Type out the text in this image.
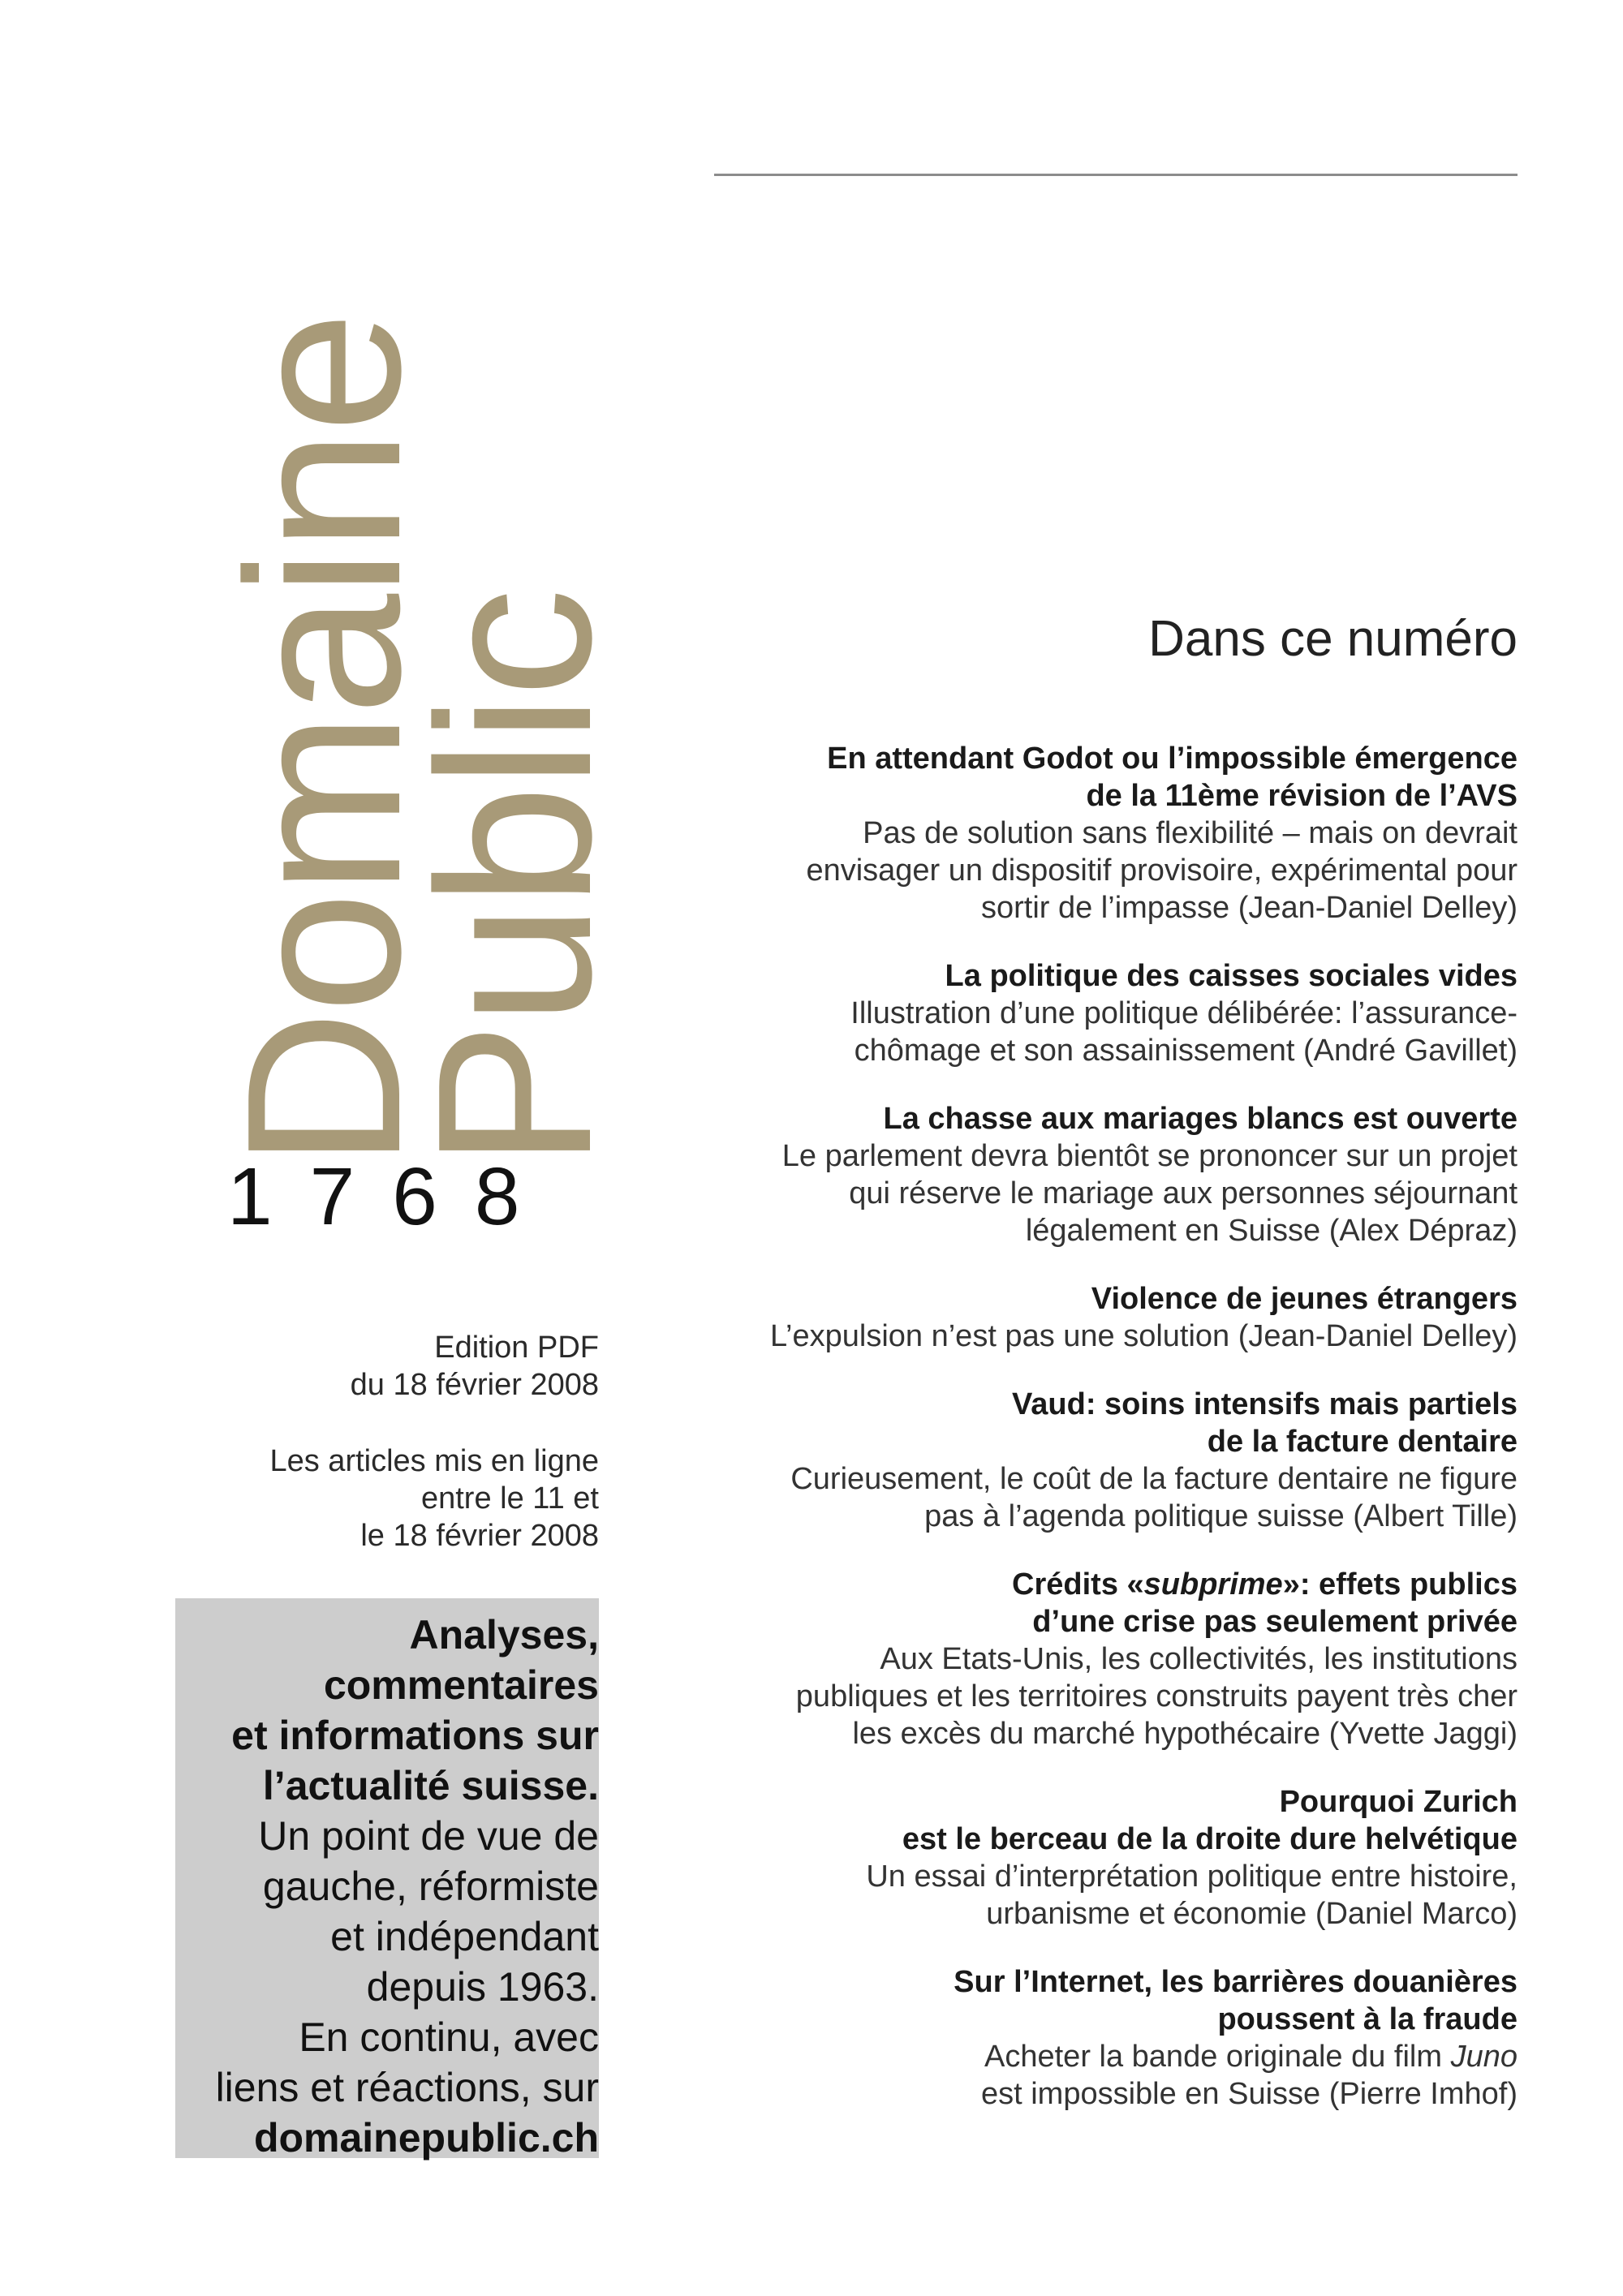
Domaine
Public
1768

Edition PDF

du 18 février 2008

Les articles mis en ligne

entre le 11 et

le 18 février 2008

Analyses,
commentaires
et informations sur
l’actualité suisse.
Un point de vue de
gauche, réformiste
et indépendant
depuis 1963.
En continu, avec
liens et réactions, sur
domainepublic.ch
Dans ce numéro
En attendant Godot ou l’impossible émergence
de la 11ème révision de l’AVS
Pas de solution sans flexibilité – mais on devrait
envisager un dispositif provisoire, expérimental pour
sortir de l’impasse (Jean-Daniel Delley)
La politique des caisses sociales vides
Illustration d’une politique délibérée: l’assurance-
chômage et son assainissement (André Gavillet)
La chasse aux mariages blancs est ouverte
Le parlement devra bientôt se prononcer sur un projet
qui réserve le mariage aux personnes séjournant
légalement en Suisse (Alex Dépraz)
Violence de jeunes étrangers
L’expulsion n’est pas une solution (Jean-Daniel Delley)
Vaud: soins intensifs mais partiels
de la facture dentaire
Curieusement, le coût de la facture dentaire ne figure
pas à l’agenda politique suisse (Albert Tille)
Crédits «subprime»: effets publics
d’une crise pas seulement privée
Aux Etats-Unis, les collectivités, les institutions
publiques et les territoires construits payent très cher
les excès du marché hypothécaire (Yvette Jaggi)
Pourquoi Zurich
est le berceau de la droite dure helvétique
Un essai d’interprétation politique entre histoire,
urbanisme et économie (Daniel Marco)
Sur l’Internet, les barrières douanières
poussent à la fraude
Acheter la bande originale du film Juno
est impossible en Suisse (Pierre Imhof)
